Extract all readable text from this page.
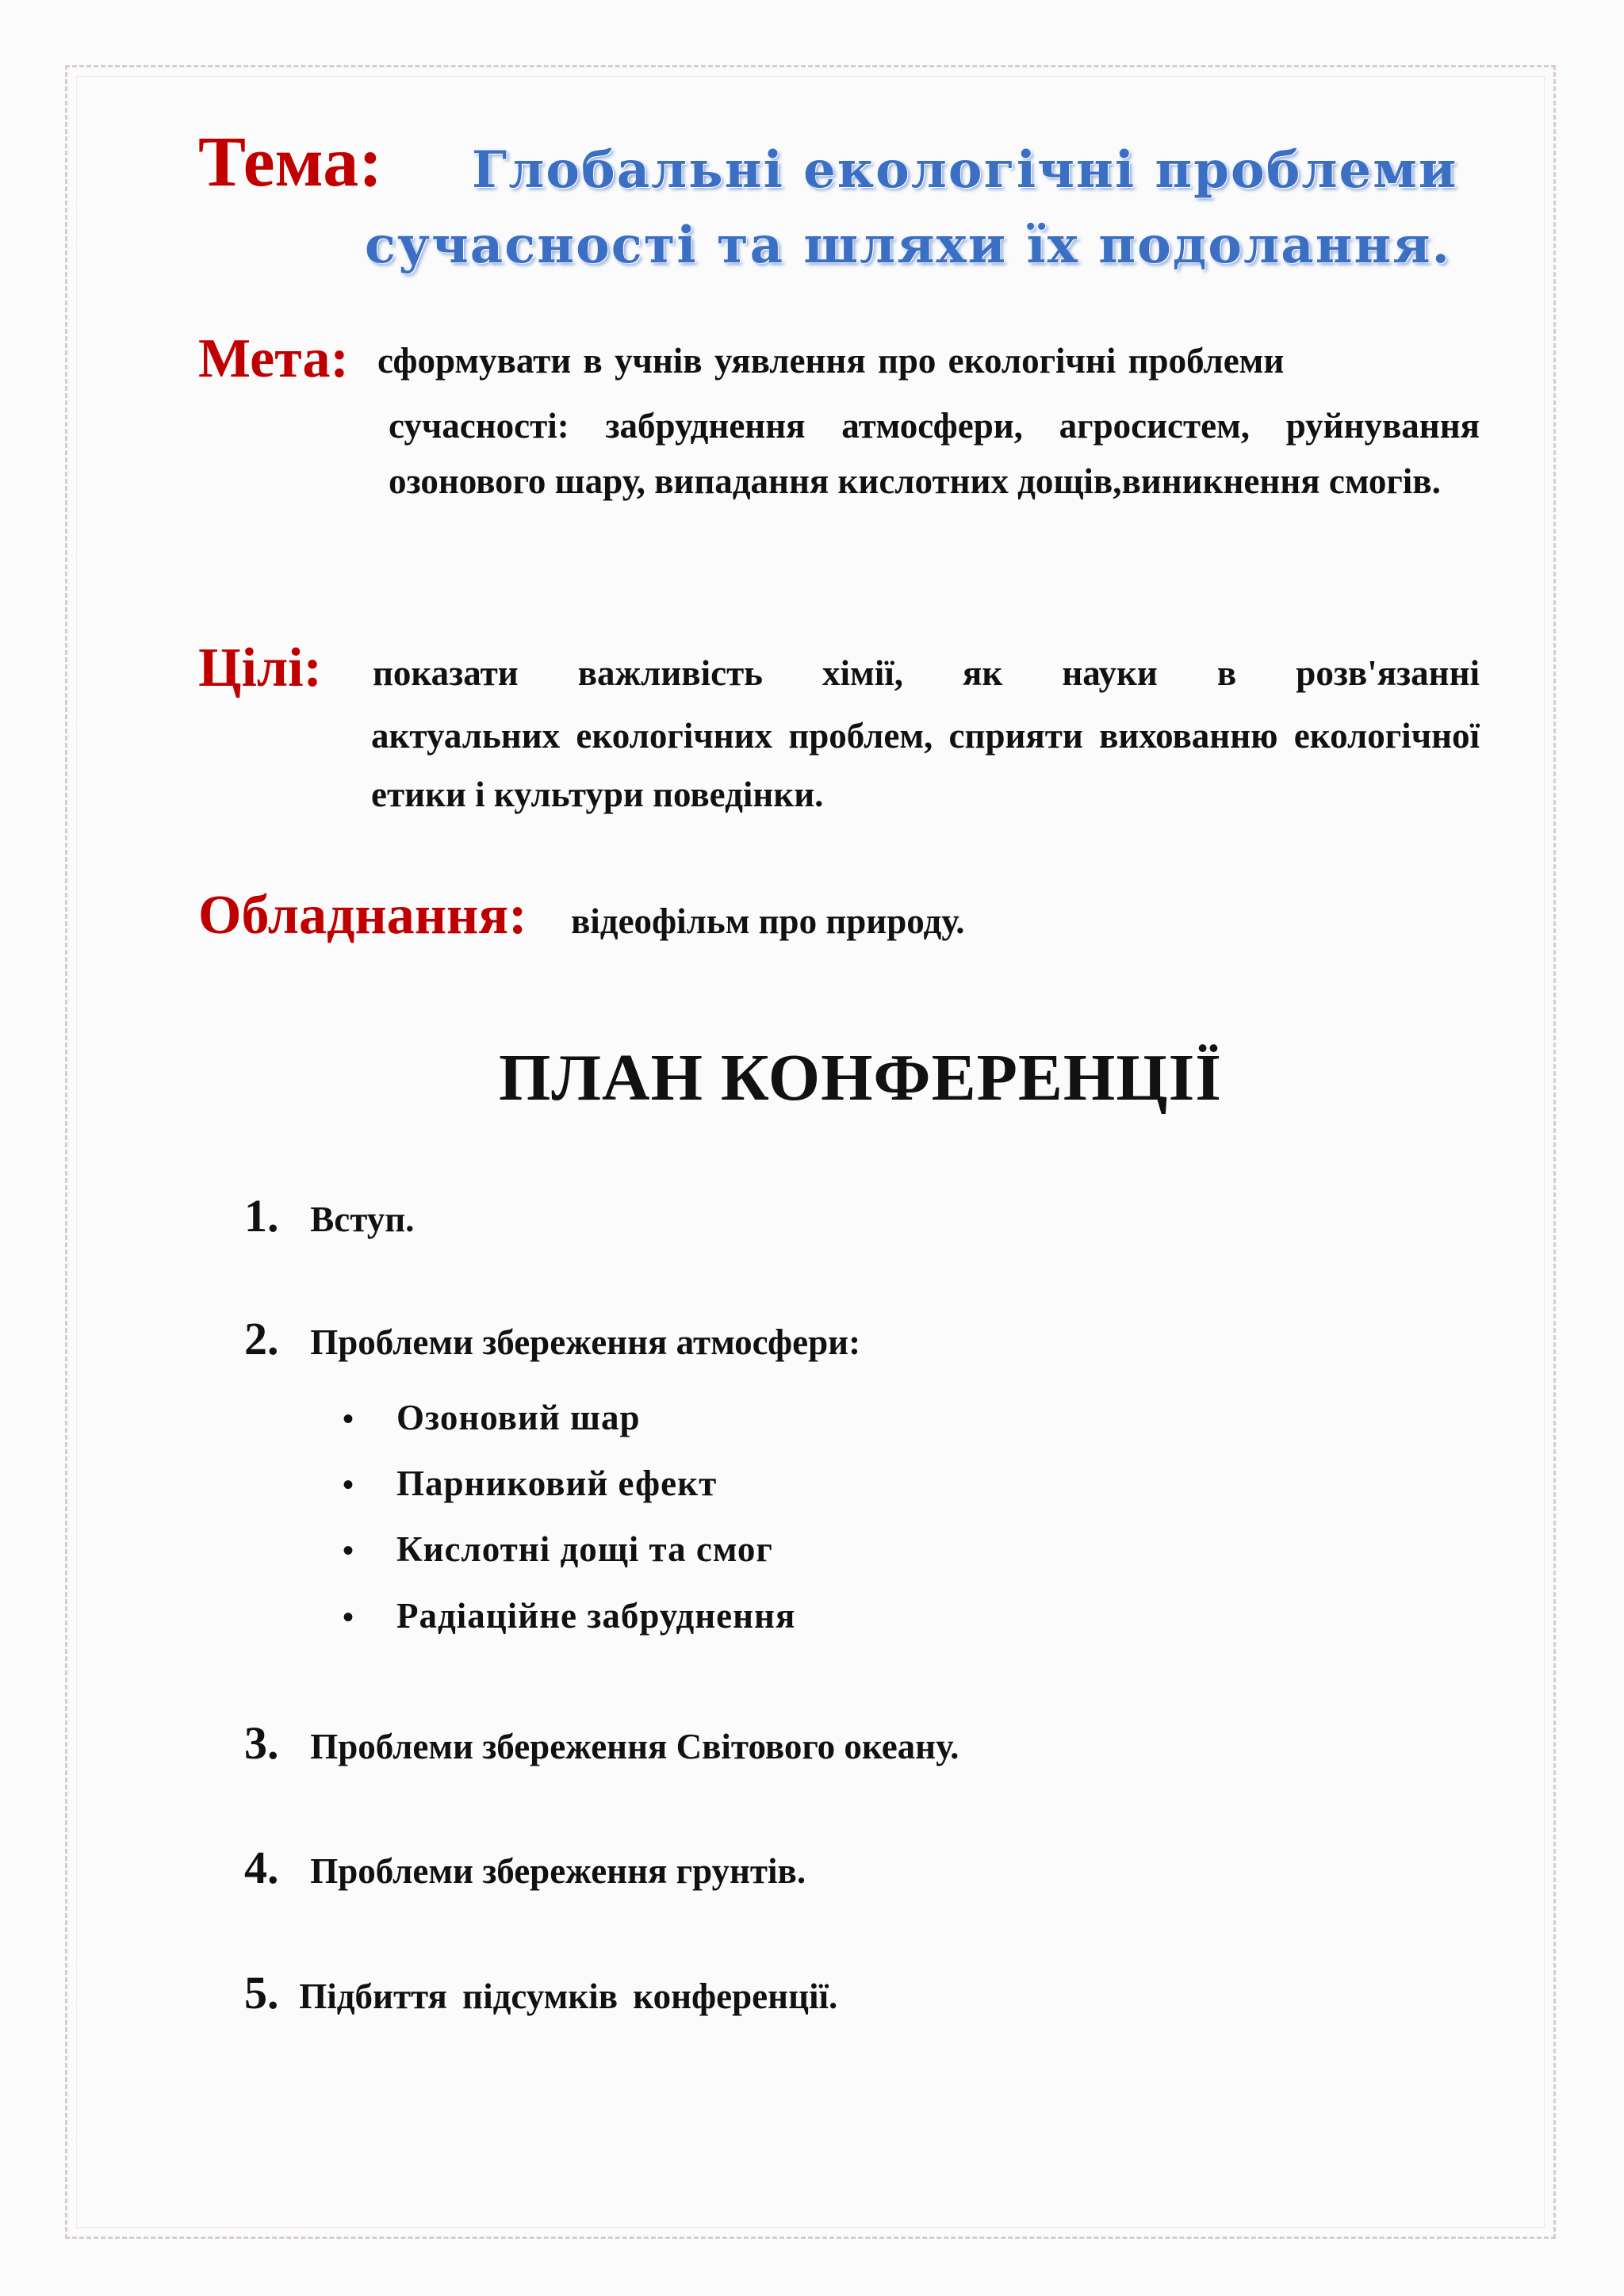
Тема: Глобальні екологічні проблеми
сучасності та шляхи їх подолання.
Мета: сформувати в учнів уявлення про екологічні проблеми
сучасності: забруднення атмосфери, агросистем, руйнування озонового шару, випадання кислотних дощів,виникнення смогів.
Цілі: показати важливість хімії, як науки в розв'язанні
актуальних екологічних проблем, сприяти вихованню екологічної етики і культури поведінки.
Обладнання: відеофільм про природу.
ПЛАН КОНФЕРЕНЦІЇ
1. Вступ.
2. Проблеми збереження атмосфери:
• Озоновий шар
• Парниковий ефект
• Кислотні дощі та смог
• Радіаційне забруднення
3. Проблеми збереження Світового океану.
4. Проблеми збереження грунтів.
5. Підбиття підсумків конференції.
